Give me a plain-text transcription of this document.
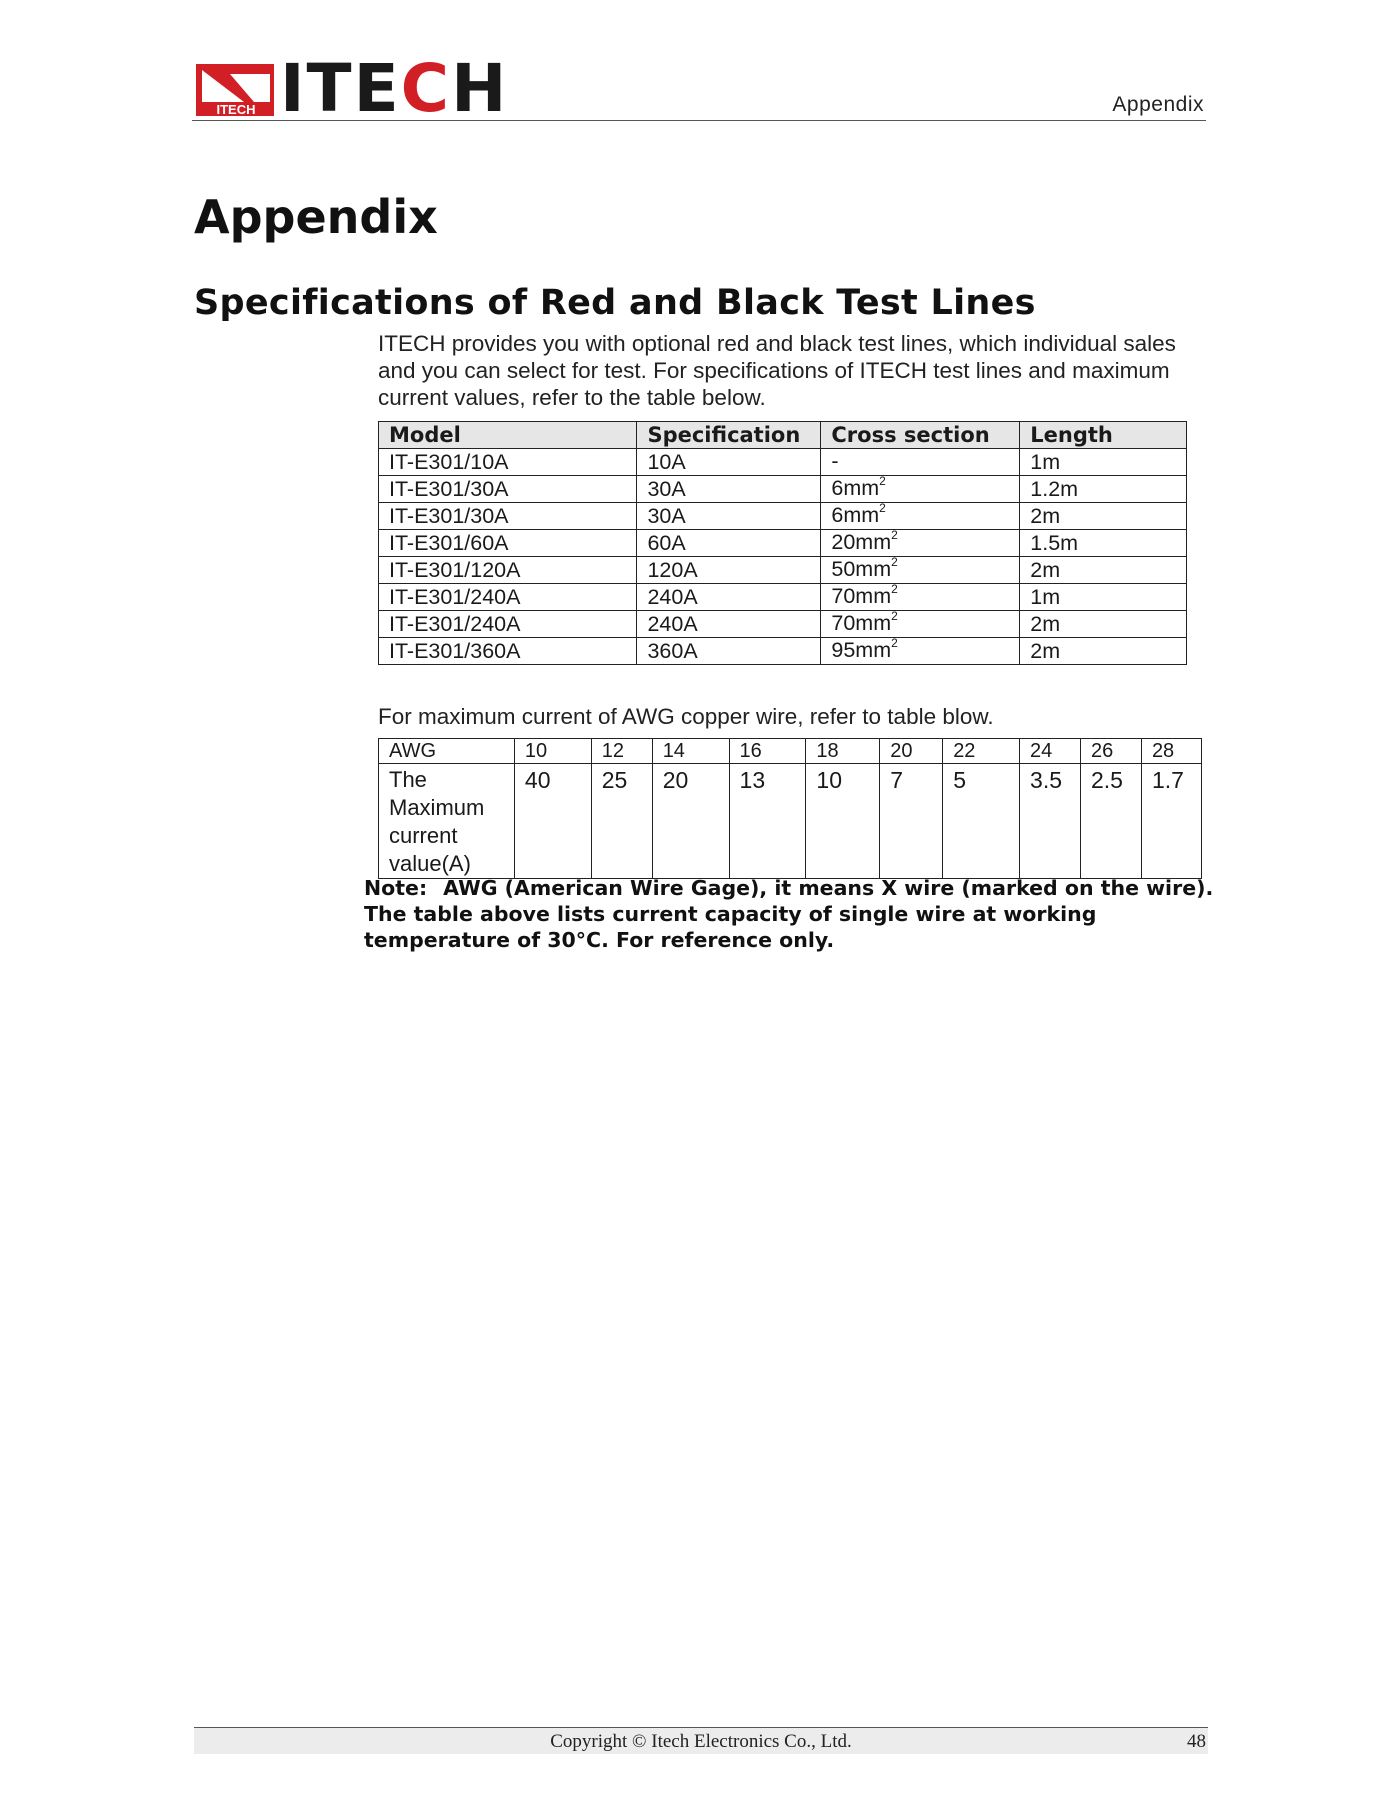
ITECH ITECH	Appendix
Appendix
Specifications of Red and Black Test Lines

ITECH provides you with optional red and black test lines, which individual sales and you can select for test. For specifications of ITECH test lines and maximum current values, refer to the table below.

Model	Specification	Cross section	Length
IT-E301/10A	10A	-	1m
IT-E301/30A	30A	$6mm^2$	1.2m
IT-E301/30A	30A	$6mm^2$	2m
IT-E301/60A	60A	$20mm^2$	1.5m
IT-E301/120A	120A	$50mm^2$	2m
IT-E301/240A	240A	$70mm^2$	1m
IT-E301/240A	240A	$70mm^2$	2m
IT-E301/360A	360A	$95mm^2$	2m

For maximum current of AWG copper wire, refer to table blow.

AWG	10	12	14	16	18	20	22	24	26	28
The Maximum current value(A)	40	25	20	13	10	7	5	3.5	2.5	1.7

Note: AWG (American Wire Gage), it means X wire (marked on the wire). The table above lists current capacity of single wire at working temperature of 30°C. For reference only.

Copyright © Itech Electronics Co., Ltd.	48
